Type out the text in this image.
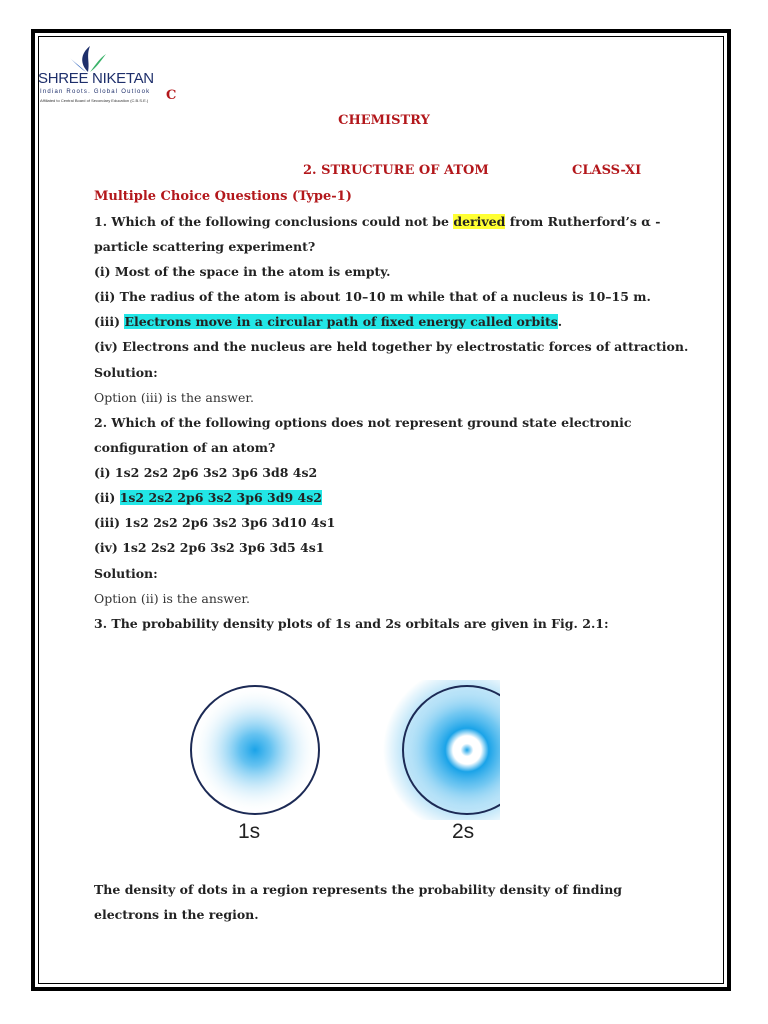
SHREE NIKETAN
Indian Roots. Global Outlook
Affiliated to Central Board of Secondary Education (C.B.S.E.) C
CHEMISTRY
2. STRUCTURE OF ATOM	CLASS-XI
Multiple Choice Questions (Type-1)
1. Which of the following conclusions could not be derived from Rutherford’s α -
particle scattering experiment?
(i) Most of the space in the atom is empty.
(ii) The radius of the atom is about 10–10 m while that of a nucleus is 10–15 m.
(iii) Electrons move in a circular path of fixed energy called orbits.
(iv) Electrons and the nucleus are held together by electrostatic forces of attraction.
Solution:
Option (iii) is the answer.
2. Which of the following options does not represent ground state electronic
configuration of an atom?
(i) 1s2 2s2 2p6 3s2 3p6 3d8 4s2
(ii) 1s2 2s2 2p6 3s2 3p6 3d9 4s2
(iii) 1s2 2s2 2p6 3s2 3p6 3d10 4s1
(iv) 1s2 2s2 2p6 3s2 3p6 3d5 4s1
Solution:
Option (ii) is the answer.
3. The probability density plots of 1s and 2s orbitals are given in Fig. 2.1:
1s	2s
The density of dots in a region represents the probability density of finding
electrons in the region.
